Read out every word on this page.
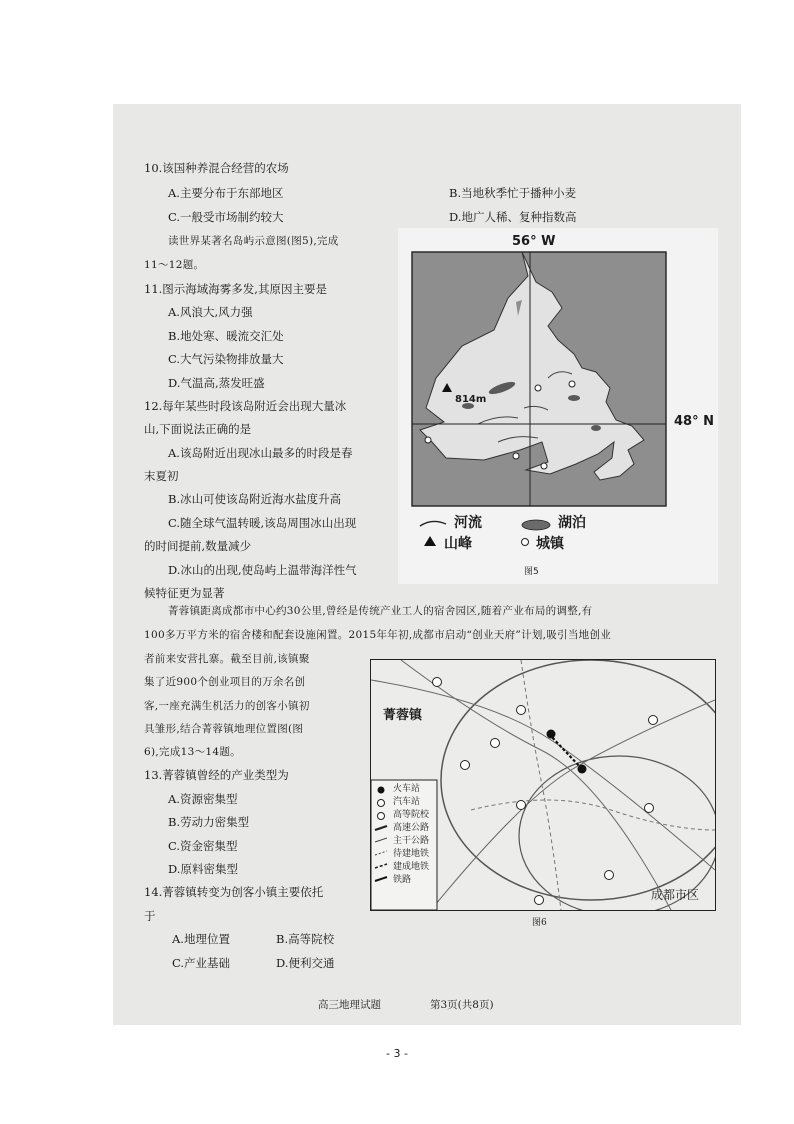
10.该国种养混合经营的农场
A.主要分布于东部地区	B.当地秋季忙于播种小麦
C.一般受市场制约较大	D.地广人稀、复种指数高
读世界某著名岛屿示意图(图5),完成
11～12题。
11.图示海域海雾多发,其原因主要是
A.风浪大,风力强
B.地处寒、暖流交汇处
C.大气污染物排放量大
D.气温高,蒸发旺盛
12.每年某些时段该岛附近会出现大量冰
山,下面说法正确的是
A.该岛附近出现冰山最多的时段是春
末夏初
B.冰山可使该岛附近海水盐度升高
C.随全球气温转暖,该岛周围冰山出现
的时间提前,数量减少
D.冰山的出现,使岛屿上温带海洋性气
候特征更为显著
56° W
48° N
814m
河流	湖泊
山峰	城镇
图5
菁蓉镇距离成都市中心约30公里,曾经是传统产业工人的宿舍园区,随着产业布局的调整,有
100多万平方米的宿舍楼和配套设施闲置。2015年年初,成都市启动“创业天府”计划,吸引当地创业
者前来安营扎寨。截至目前,该镇聚
集了近900个创业项目的万余名创
客,一座充满生机活力的创客小镇初
具雏形,结合菁蓉镇地理位置图(图
6),完成13～14题。
13.菁蓉镇曾经的产业类型为
A.资源密集型
B.劳动力密集型
C.资金密集型
D.原料密集型
14.菁蓉镇转变为创客小镇主要依托
于
A.地理位置	B.高等院校
C.产业基础	D.便利交通
菁蓉镇
成都市区
火车站
汽车站
高等院校
高速公路
主干公路
待建地铁
建成地铁
铁路
图6
高三地理试题	第3页(共8页)
- 3 -
